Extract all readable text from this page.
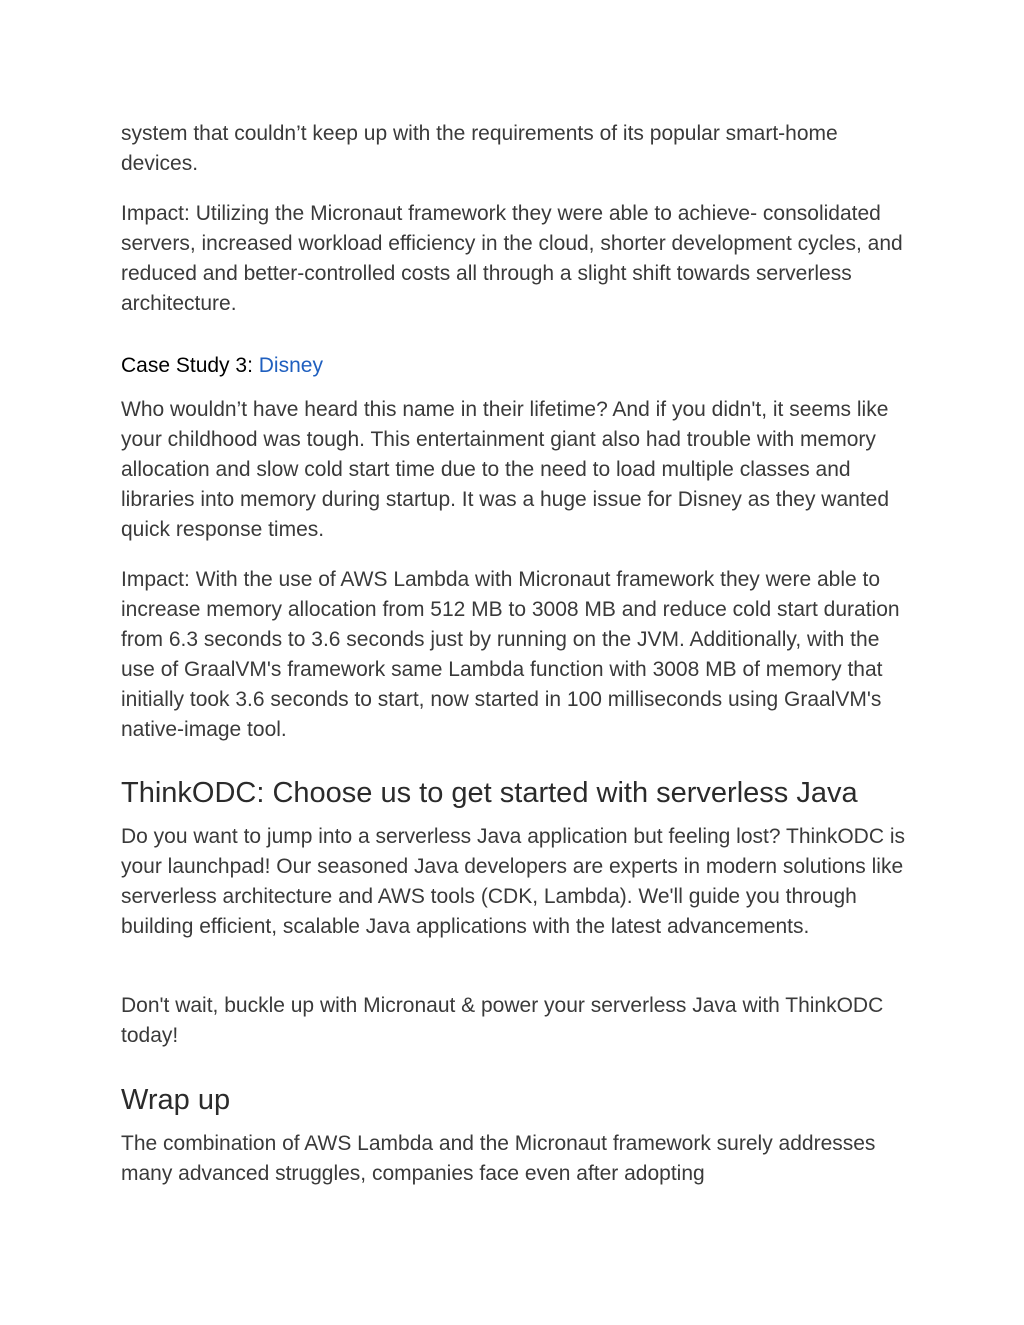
system that couldn’t keep up with the requirements of its popular smart-home devices.

Impact: Utilizing the Micronaut framework they were able to achieve- consolidated servers, increased workload efficiency in the cloud, shorter development cycles, and reduced and better-controlled costs all through a slight shift towards serverless architecture.

Case Study 3: Disney

Who wouldn’t have heard this name in their lifetime? And if you didn't, it seems like your childhood was tough. This entertainment giant also had trouble with memory allocation and slow cold start time due to the need to load multiple classes and libraries into memory during startup. It was a huge issue for Disney as they wanted quick response times.

Impact: With the use of AWS Lambda with Micronaut framework they were able to increase memory allocation from 512 MB to 3008 MB and reduce cold start duration from 6.3 seconds to 3.6 seconds just by running on the JVM. Additionally, with the use of GraalVM's framework same Lambda function with 3008 MB of memory that initially took 3.6 seconds to start, now started in 100 milliseconds using GraalVM's native-image tool.

ThinkODC: Choose us to get started with serverless Java

Do you want to jump into a serverless Java application but feeling lost? ThinkODC is your launchpad! Our seasoned Java developers are experts in modern solutions like serverless architecture and AWS tools (CDK, Lambda). We'll guide you through building efficient, scalable Java applications with the latest advancements.

Don't wait, buckle up with Micronaut & power your serverless Java with ThinkODC today!

Wrap up

The combination of AWS Lambda and the Micronaut framework surely addresses many advanced struggles, companies face even after adopting
